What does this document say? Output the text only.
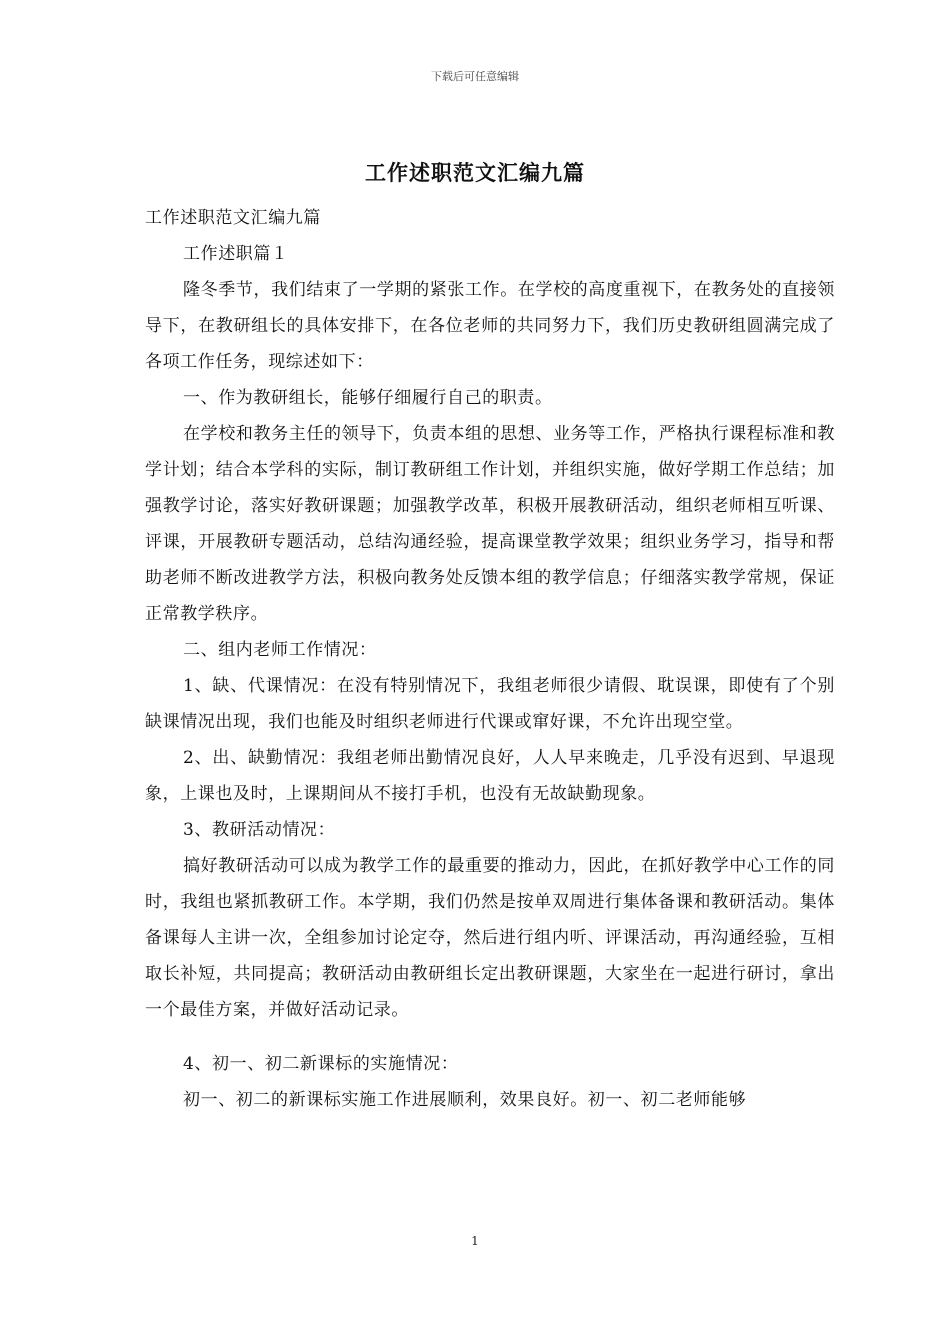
下载后可任意编辑
工作述职范文汇编九篇

工作述职范文汇编九篇

工作述职篇１

隆冬季节，我们结束了一学期的紧张工作。在学校的高度重视下，在教务处的直接领导下，在教研组长的具体安排下，在各位老师的共同努力下，我们历史教研组圆满完成了各项工作任务，现综述如下：

一、作为教研组长，能够仔细履行自己的职责。

在学校和教务主任的领导下，负责本组的思想、业务等工作，严格执行课程标准和教学计划；结合本学科的实际，制订教研组工作计划，并组织实施，做好学期工作总结；加强教学讨论，落实好教研课题；加强教学改革，积极开展教研活动，组织老师相互听课、评课，开展教研专题活动，总结沟通经验，提高课堂教学效果；组织业务学习，指导和帮助老师不断改进教学方法，积极向教务处反馈本组的教学信息；仔细落实教学常规，保证正常教学秩序。

二、组内老师工作情况：

1、缺、代课情况：在没有特别情况下，我组老师很少请假、耽误课，即使有了个别缺课情况出现，我们也能及时组织老师进行代课或窜好课，不允许出现空堂。

2、出、缺勤情况：我组老师出勤情况良好，人人早来晚走，几乎没有迟到、早退现象，上课也及时，上课期间从不接打手机，也没有无故缺勤现象。

3、教研活动情况：

搞好教研活动可以成为教学工作的最重要的推动力，因此，在抓好教学中心工作的同时，我组也紧抓教研工作。本学期，我们仍然是按单双周进行集体备课和教研活动。集体备课每人主讲一次，全组参加讨论定夺，然后进行组内听、评课活动，再沟通经验，互相取长补短，共同提高；教研活动由教研组长定出教研课题，大家坐在一起进行研讨，拿出一个最佳方案，并做好活动记录。

4、初一、初二新课标的实施情况：

初一、初二的新课标实施工作进展顺利，效果良好。初一、初二老师能够

1
